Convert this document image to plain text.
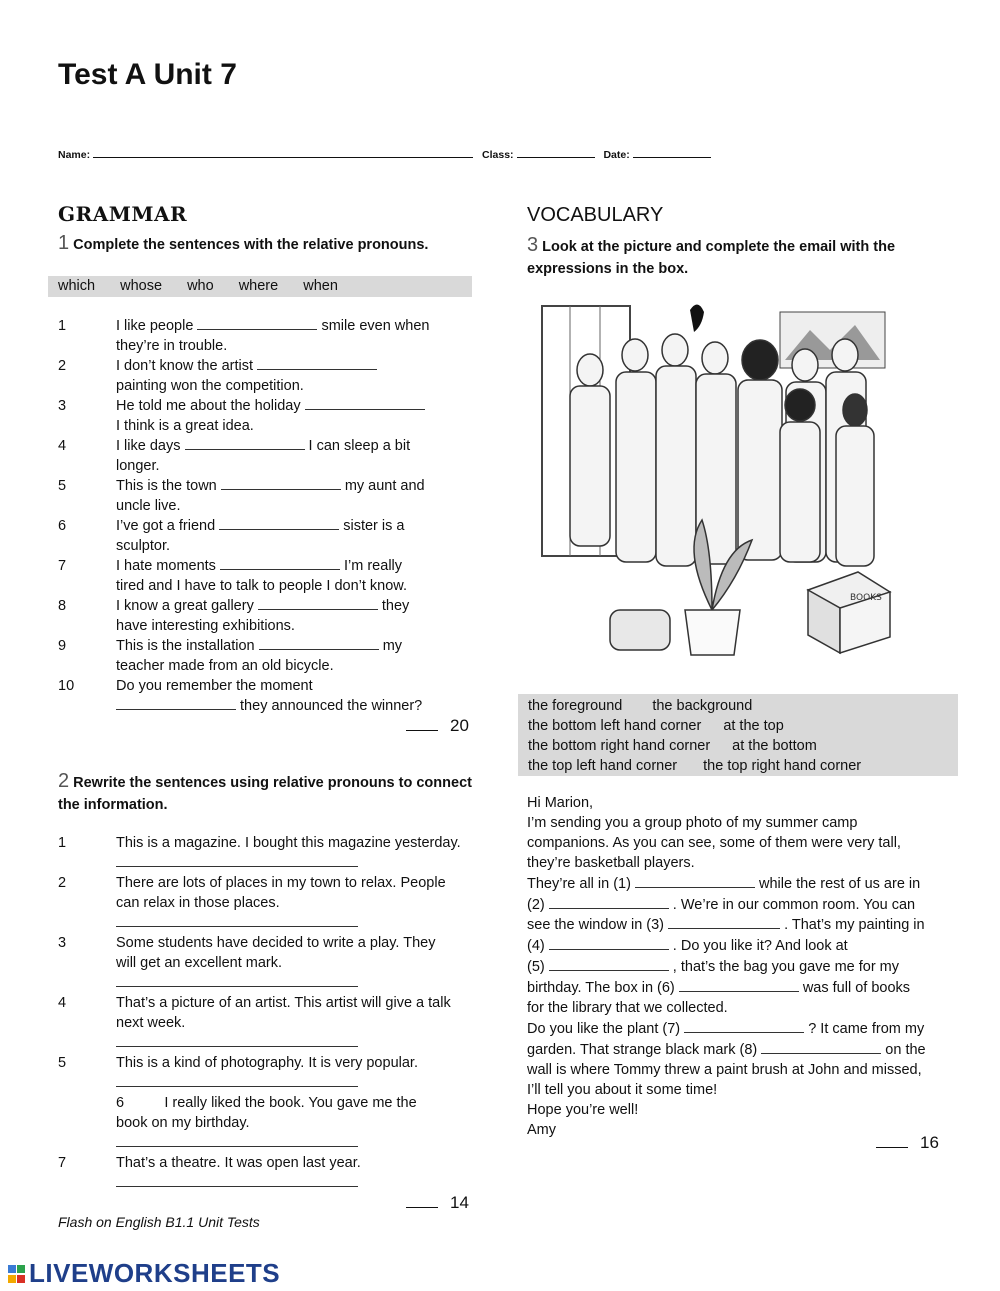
Test A Unit 7
Name:	Class:	Date:
GRAMMAR
1 Complete the sentences with the relative pronouns.
which whose who where when
1	I like people	smile even when
they’re in trouble.
2	I don’t know the artist
painting won the competition.
3	He told me about the holiday
I think is a great idea.
4	I like days	I can sleep a bit
longer.
5	This is the town	my aunt and
uncle live.
6	I’ve got a friend	sister is a
sculptor.
7	I hate moments	I’m really
tired and I have to talk to people I don’t know.
8	I know a great gallery	they
have interesting exhibitions.
9	This is the installation	my
teacher made from an old bicycle.
10	Do you remember the moment
they announced the winner?
20
2 Rewrite the sentences using relative pronouns to connect the information.
1	This is a magazine. I bought this magazine yesterday.

2	There are lots of places in my town to relax. People
can relax in those places.

3	Some students have decided to write a play. They
will get an excellent mark.

4	That’s a picture of an artist. This artist will give a talk
next week.

5	This is a kind of photography. It is very popular.

6          I really liked the book. You gave me the
book on my birthday.

7	That’s a theatre. It was open last year.

14
Flash on English B1.1 Unit Tests
VOCABULARY
3 Look at the picture and complete the email with the expressions in the box.
BOOKS
the foreground the background
the bottom left hand corner at the top
the bottom right hand corner at the bottom
the top left hand corner the top right hand corner
Hi Marion,
I’m sending you a group photo of my summer camp
companions. As you can see, some of them were very tall,
they’re basketball players.
They’re all in (1)	while the rest of us are in
(2)	. We’re in our common room. You can
see the window in (3)	. That’s my painting in
(4)	. Do you like it? And look at
(5)	, that’s the bag you gave me for my
birthday. The box in (6)	was full of books
for the library that we collected.
Do you like the plant (7)	? It came from my
garden. That strange black mark (8)	on the
wall is where Tommy threw a paint brush at John and missed,
I’ll tell you about it some time!
Hope you’re well!
Amy
16
LIVEWORKSHEETS
